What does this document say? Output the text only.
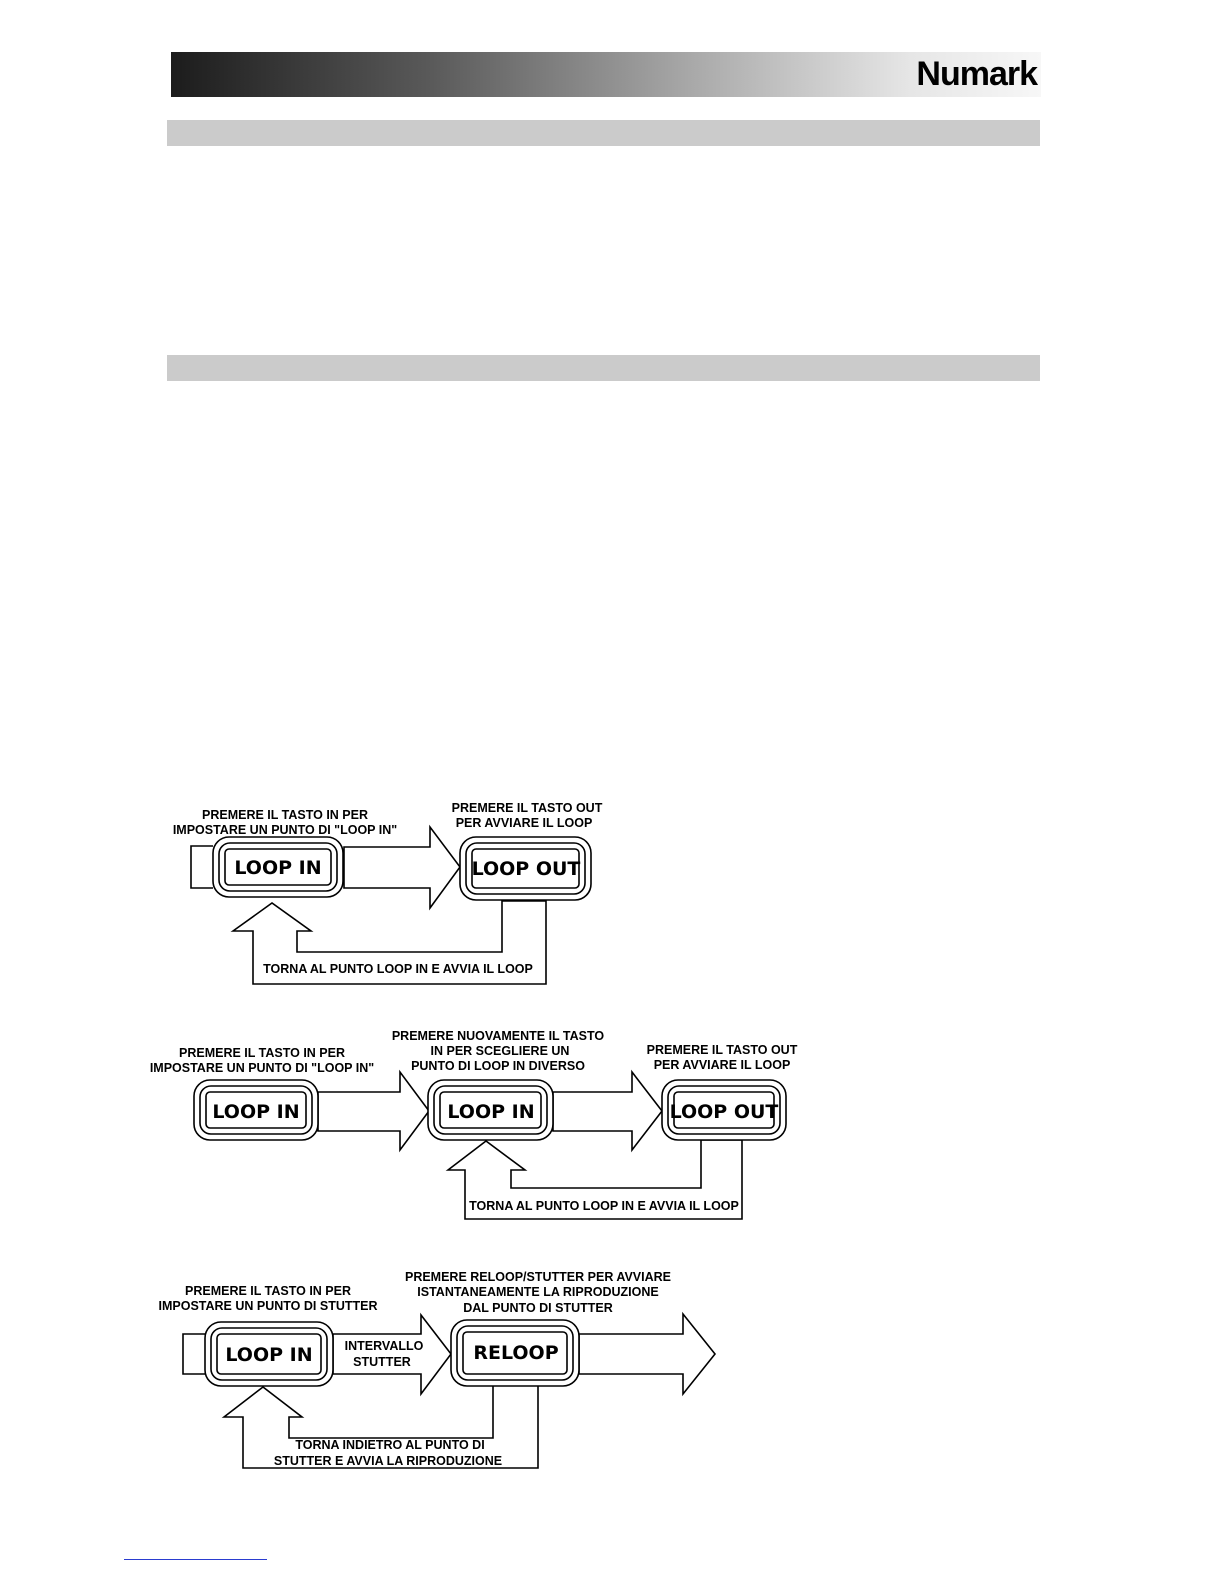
Numark
PREMERE IL TASTO IN PER
IMPOSTARE UN PUNTO DI "LOOP IN"
PREMERE IL TASTO OUT
PER AVVIARE IL LOOP
LOOP IN	LOOP OUT
TORNA AL PUNTO LOOP IN E AVVIA IL LOOP
PREMERE IL TASTO IN PER
IMPOSTARE UN PUNTO DI "LOOP IN"
PREMERE NUOVAMENTE IL TASTO
IN PER SCEGLIERE UN
PUNTO DI LOOP IN DIVERSO
PREMERE IL TASTO OUT
PER AVVIARE IL LOOP
LOOP IN	LOOP IN	LOOP OUT
TORNA AL PUNTO LOOP IN E AVVIA IL LOOP
PREMERE IL TASTO IN PER
IMPOSTARE UN PUNTO DI STUTTER
PREMERE RELOOP/STUTTER PER AVVIARE
ISTANTANEAMENTE LA RIPRODUZIONE
DAL PUNTO DI STUTTER
INTERVALLO
STUTTER
LOOP IN	RELOOP
TORNA INDIETRO AL PUNTO DI
STUTTER E AVVIA LA RIPRODUZIONE
